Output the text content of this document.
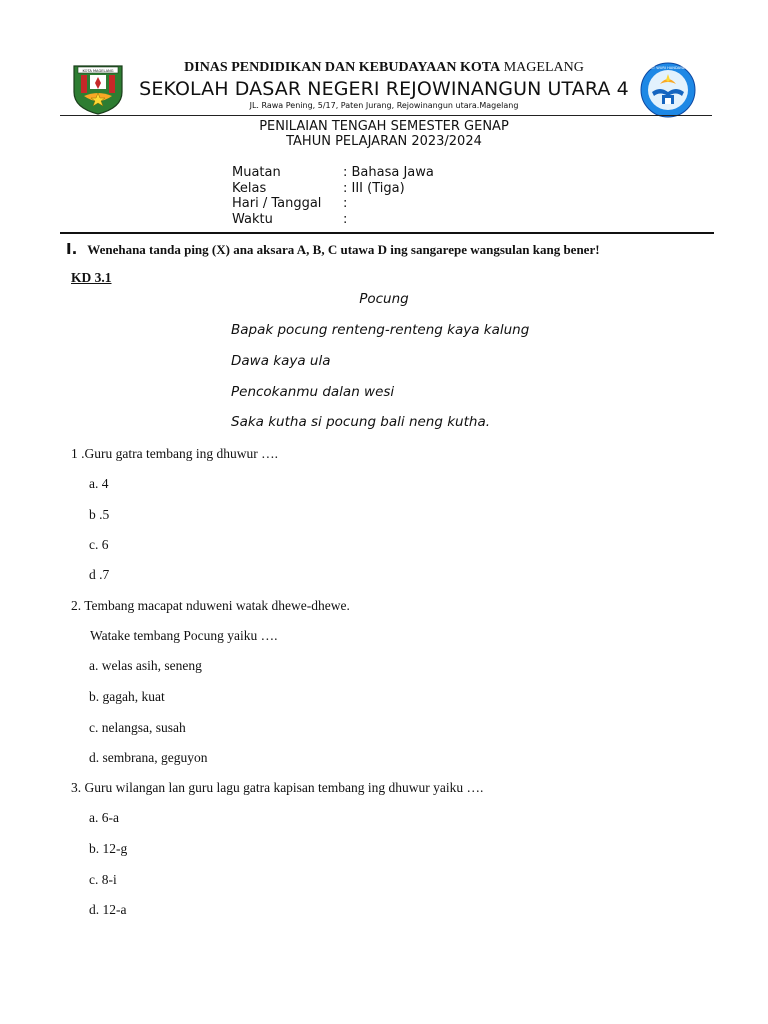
KOTA MAGELANG
TUT WURI HANDAYANI
DINAS PENDIDIKAN DAN KEBUDAYAAN KOTA MAGELANG
SEKOLAH DASAR NEGERI REJOWINANGUN UTARA 4
JL. Rawa Pening, 5/17, Paten Jurang, Rejowinangun utara.Magelang
PENILAIAN TENGAH SEMESTER GENAP
TAHUN PELAJARAN 2023/2024
Muatan	: Bahasa Jawa
Kelas	: III (Tiga)
Hari / Tanggal	:
Waktu	:
I. Wenehana tanda ping (X) ana aksara A, B, C utawa D ing sangarepe wangsulan kang bener!
KD 3.1
Pocung
Bapak pocung renteng-renteng kaya kalung
Dawa kaya ula
Pencokanmu dalan wesi
Saka kutha si pocung bali neng kutha.
1 .Guru gatra tembang ing dhuwur ….
a. 4
b .5
c. 6
d .7
2. Tembang macapat nduweni watak dhewe-dhewe.
Watake tembang Pocung yaiku ….
a. welas asih, seneng
b. gagah, kuat
c. nelangsa, susah
d. sembrana, geguyon
3. Guru wilangan lan guru lagu gatra kapisan tembang ing dhuwur yaiku ….
a. 6-a
b. 12-g
c. 8-i
d. 12-a
